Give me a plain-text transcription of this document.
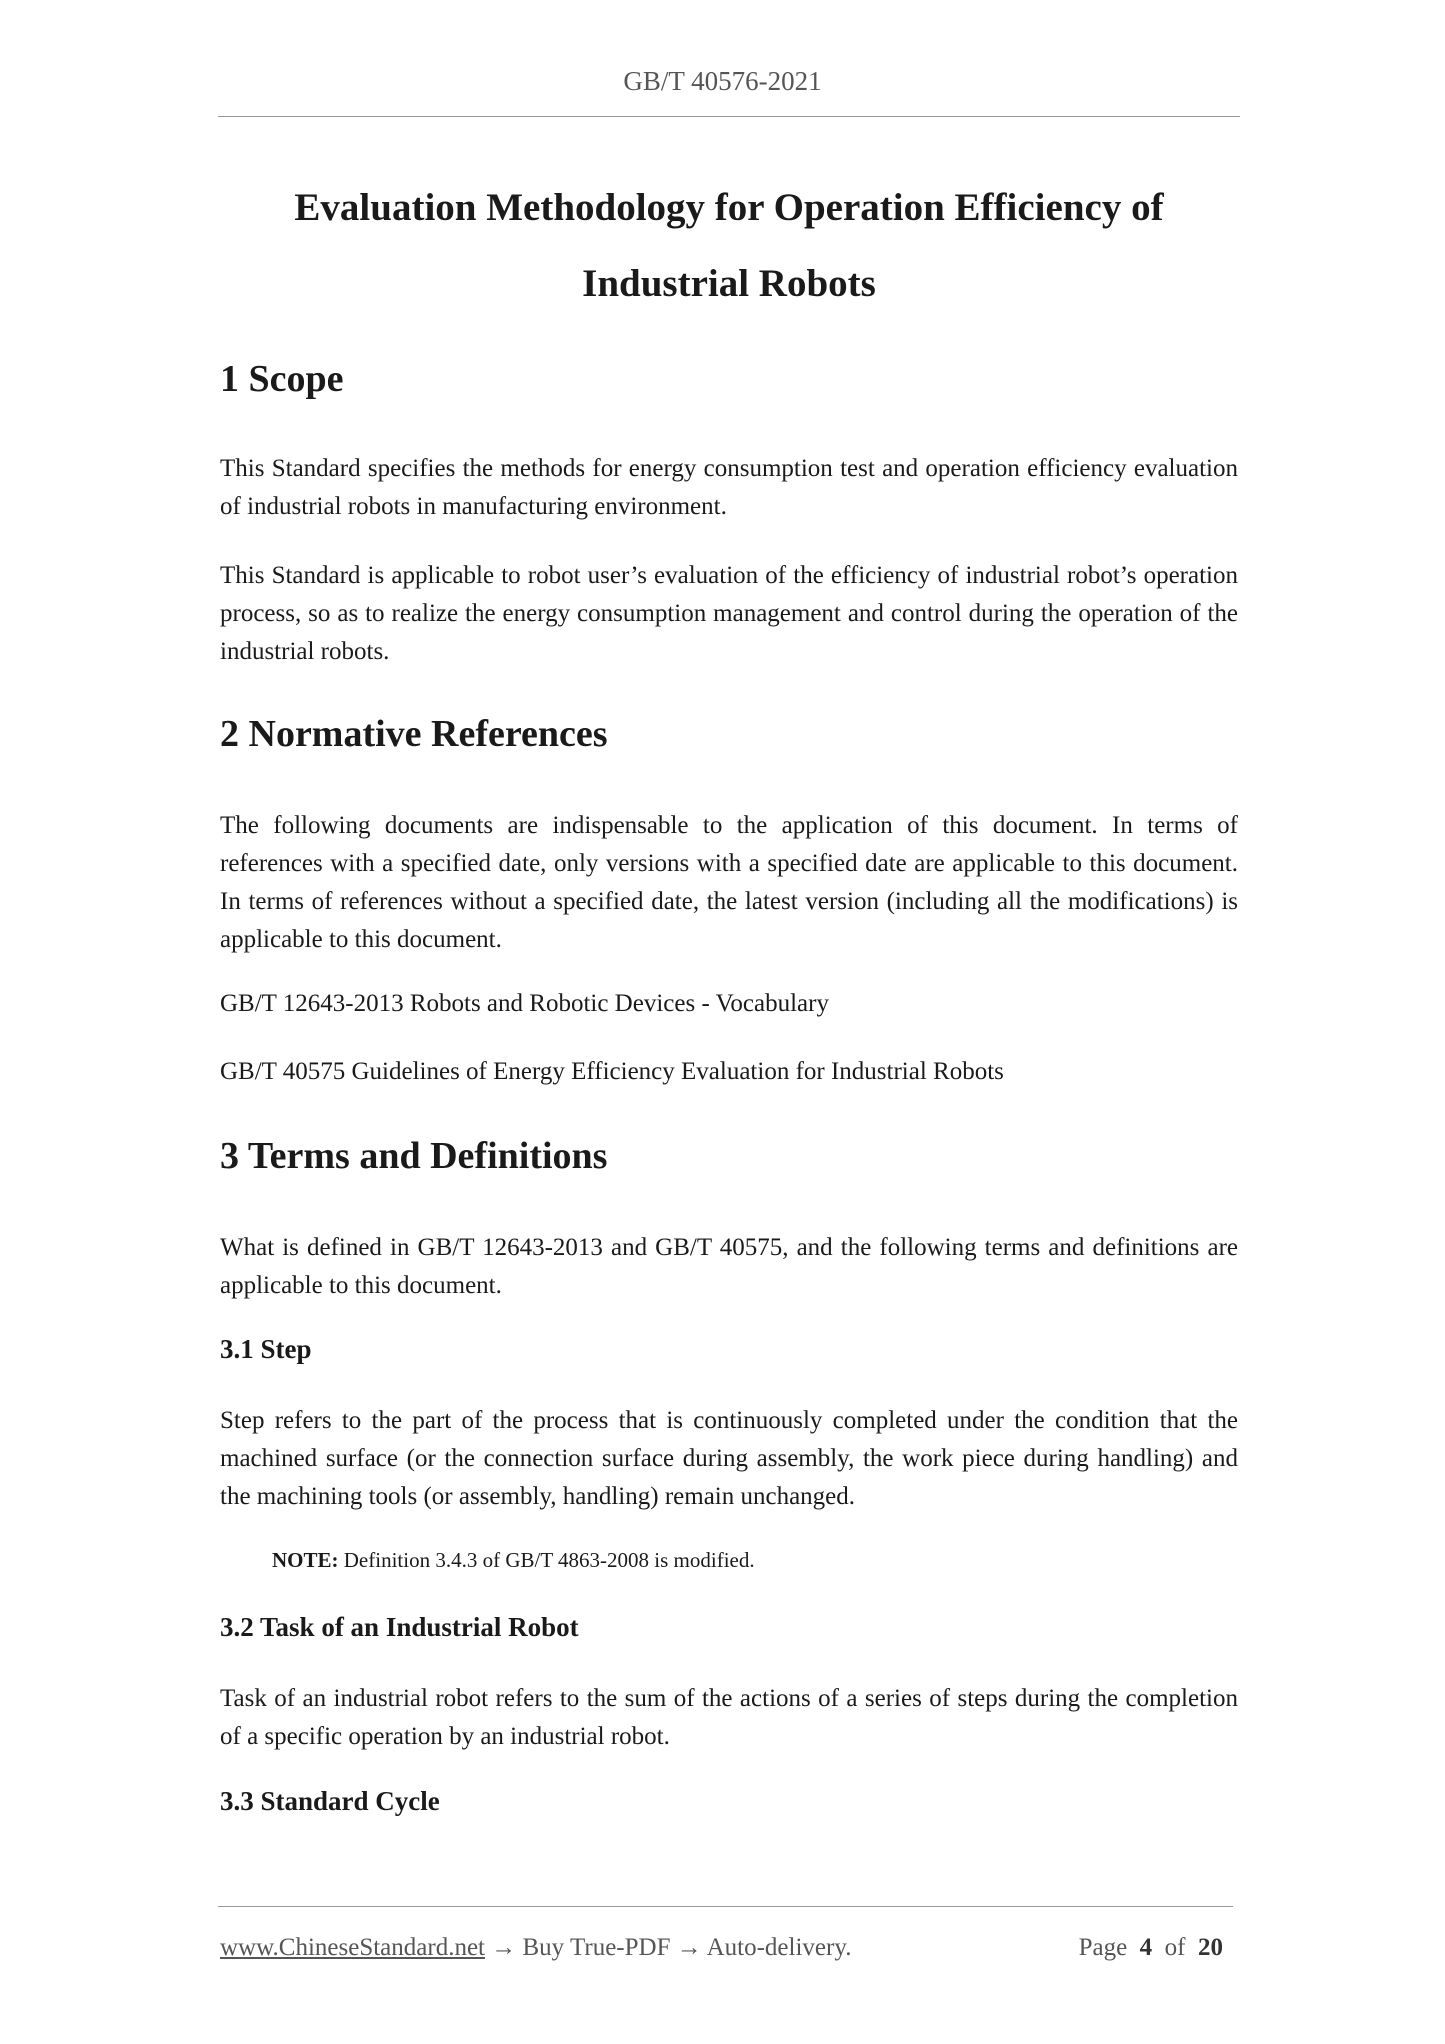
GB/T 40576-2021
Evaluation Methodology for Operation Efficiency of
Industrial Robots
1 Scope

This Standard specifies the methods for energy consumption test and operation efficiency evaluation of industrial robots in manufacturing environment.

This Standard is applicable to robot user’s evaluation of the efficiency of industrial robot’s operation process, so as to realize the energy consumption management and control during the operation of the industrial robots.

2 Normative References

The following documents are indispensable to the application of this document. In terms of references with a specified date, only versions with a specified date are applicable to this document. In terms of references without a specified date, the latest version (including all the modifications) is applicable to this document.

GB/T 12643-2013 Robots and Robotic Devices - Vocabulary

GB/T 40575 Guidelines of Energy Efficiency Evaluation for Industrial Robots

3 Terms and Definitions

What is defined in GB/T 12643-2013 and GB/T 40575, and the following terms and definitions are applicable to this document.

3.1 Step

Step refers to the part of the process that is continuously completed under the condition that the machined surface (or the connection surface during assembly, the work piece during handling) and the machining tools (or assembly, handling) remain unchanged.

NOTE: Definition 3.4.3 of GB/T 4863-2008 is modified.

3.2 Task of an Industrial Robot

Task of an industrial robot refers to the sum of the actions of a series of steps during the completion of a specific operation by an industrial robot.

3.3 Standard Cycle
www.ChineseStandard.net → Buy True-PDF → Auto-delivery.	Page 4 of 20
